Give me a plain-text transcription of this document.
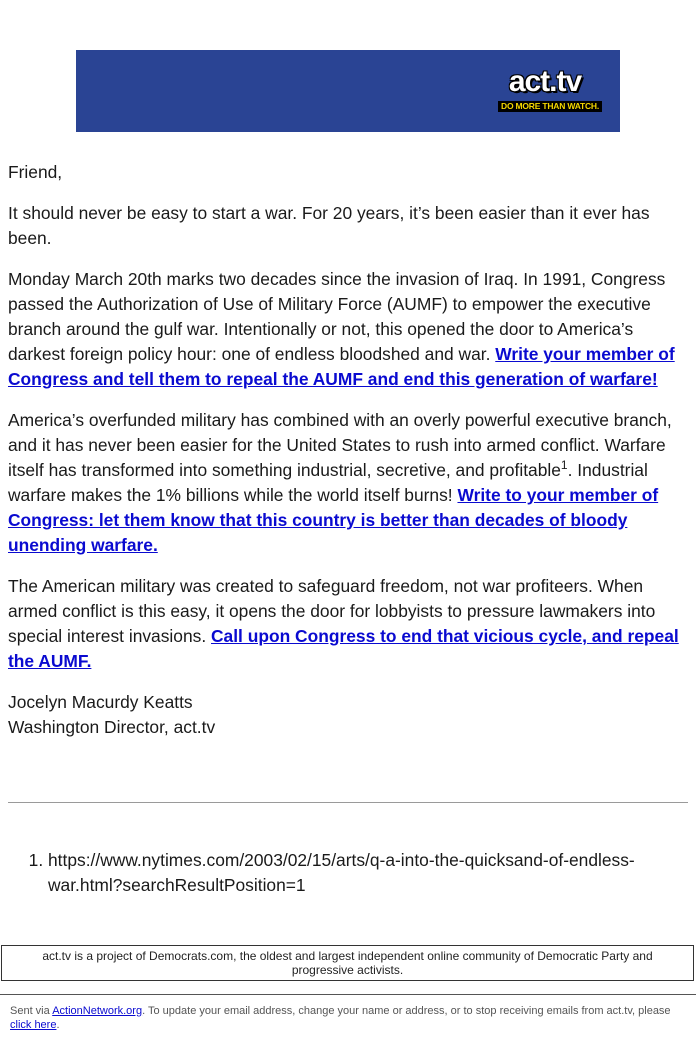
act.tv
DO MORE THAN WATCH.

Friend,

It should never be easy to start a war. For 20 years, it’s been easier than it ever has been.

Monday March 20th marks two decades since the invasion of Iraq. In 1991, Congress passed the Authorization of Use of Military Force (AUMF) to empower the executive branch around the gulf war. Intentionally or not, this opened the door to America’s darkest foreign policy hour: one of endless bloodshed and war. Write your member of Congress and tell them to repeal the AUMF and end this generation of warfare!

America’s overfunded military has combined with an overly powerful executive branch, and it has never been easier for the United States to rush into armed conflict. Warfare itself has transformed into something industrial, secretive, and profitable$^1$. Industrial warfare makes the 1% billions while the world itself burns! Write to your member of Congress: let them know that this country is better than decades of bloody unending warfare.

The American military was created to safeguard freedom, not war profiteers. When armed conflict is this easy, it opens the door for lobbyists to pressure lawmakers into special interest invasions. Call upon Congress to end that vicious cycle, and repeal the AUMF.

Jocelyn Macurdy Keatts
Washington Director, act.tv

1. https://www.nytimes.com/2003/02/15/arts/q-a-into-the-quicksand-of-endless-war.html?searchResultPosition=1
act.tv is a project of Democrats.com, the oldest and largest independent online community of Democratic Party and progressive activists.
Sent via ActionNetwork.org. To update your email address, change your name or address, or to stop receiving emails from act.tv, please click here.
